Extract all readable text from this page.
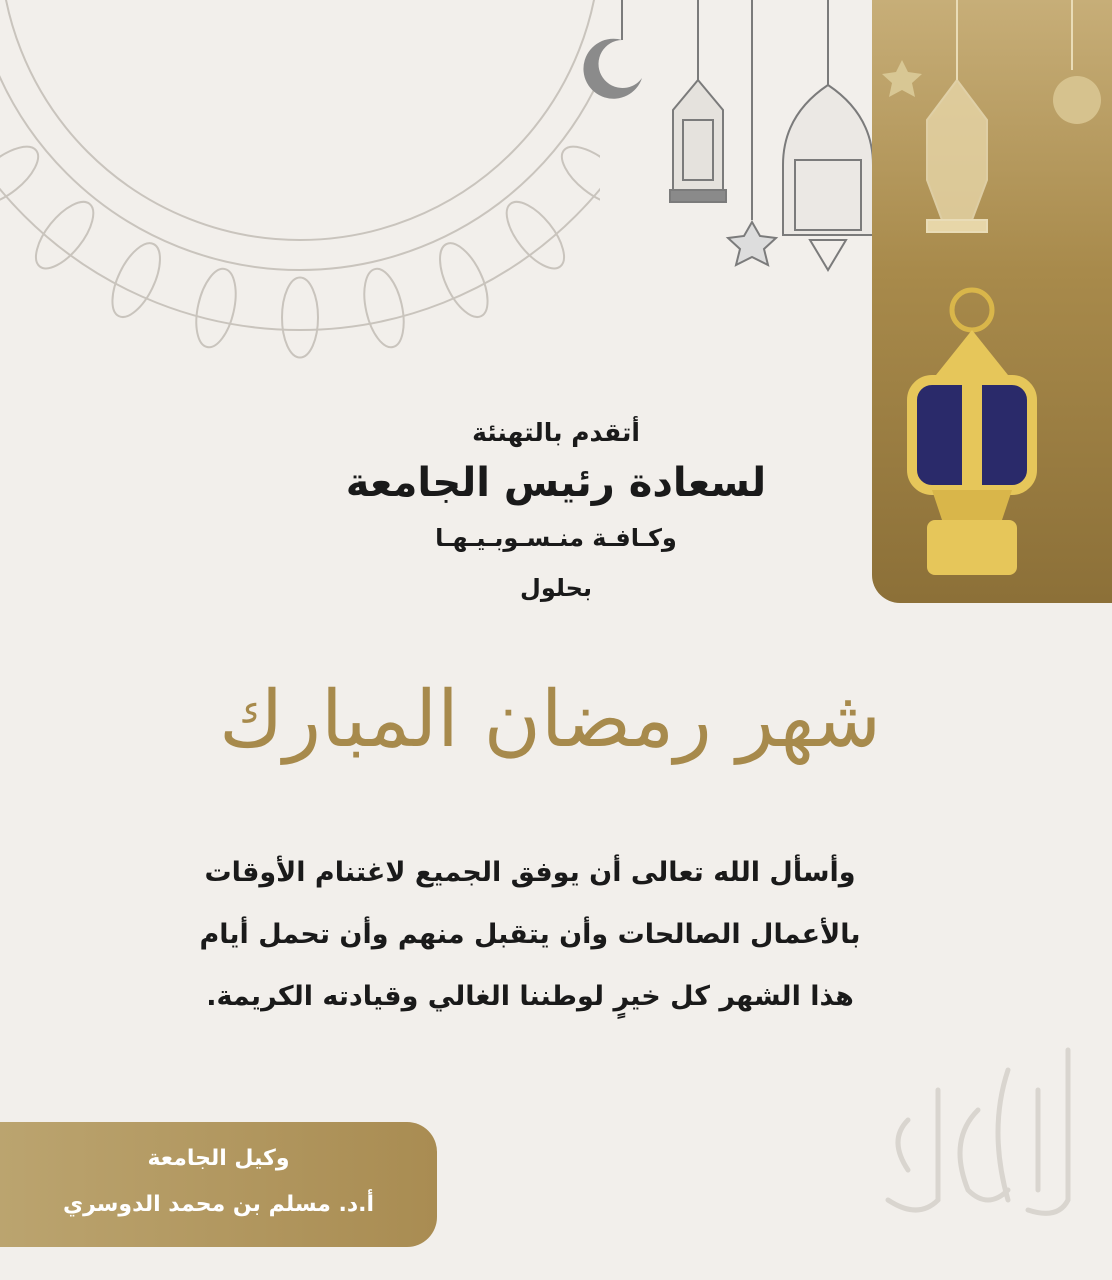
أتقدم بالتهنئة
لسعادة رئيس الجامعة
وكـافـة منـسـوبـيـهـا
بحلول
شهر رمضان المبارك
وأسأل الله تعالى أن يوفق الجميع لاغتنام الأوقات
بالأعمال الصالحات وأن يتقبل منهم وأن تحمل أيام
هذا الشهر كل خيرٍ لوطننا الغالي وقيادته الكريمة.
وكيل الجامعة
أ.د. مسلم بن محمد الدوسري
